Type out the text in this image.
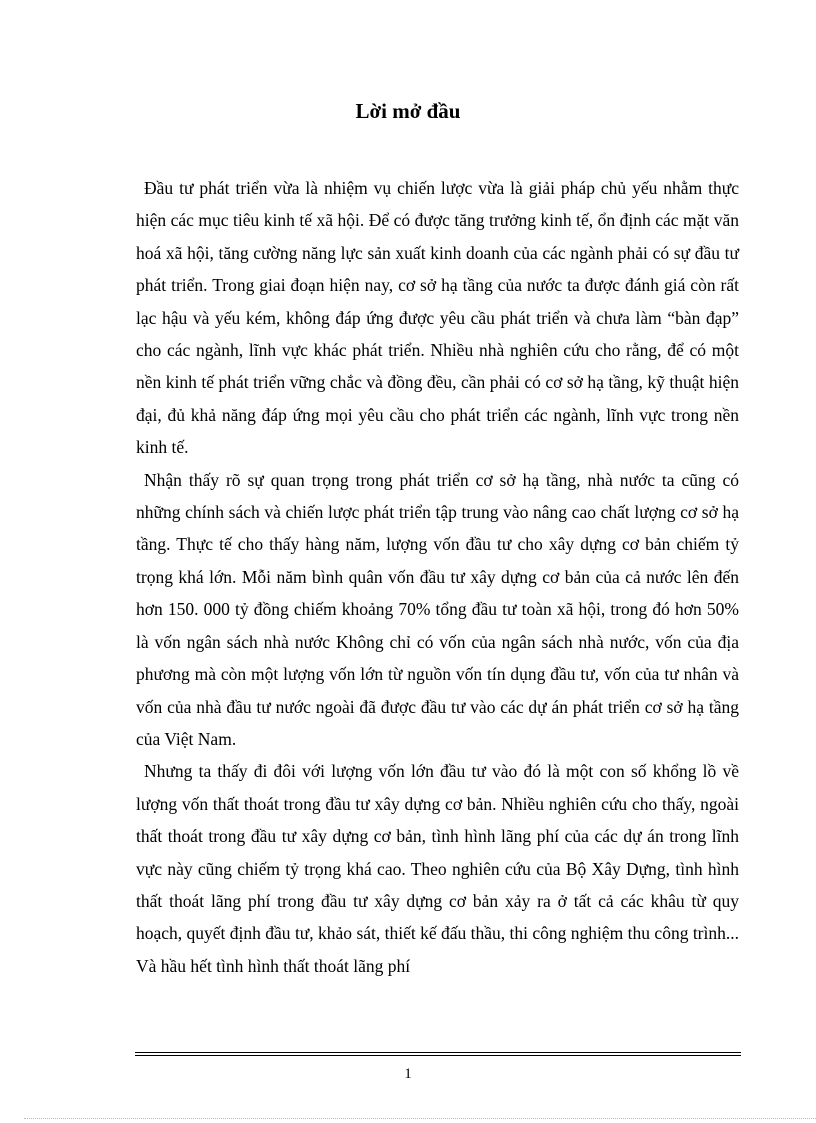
Lời mở đầu

Đầu tư phát triển vừa là nhiệm vụ chiến lược vừa là giải pháp chủ yếu nhằm thực hiện các mục tiêu kinh tế xã hội. Để có được tăng trưởng kinh tế, ổn định các mặt văn hoá xã hội, tăng cường năng lực sản xuất kinh doanh của các ngành phải có sự đầu tư phát triển. Trong giai đoạn hiện nay, cơ sở hạ tầng của nước ta được đánh giá còn rất lạc hậu và yếu kém, không đáp ứng được yêu cầu phát triển và chưa làm “bàn đạp” cho các ngành, lĩnh vực khác phát triển. Nhiều nhà nghiên cứu cho rằng, để có một nền kinh tế phát triển vững chắc và đồng đều, cần phải có cơ sở hạ tầng, kỹ thuật hiện đại, đủ khả năng đáp ứng mọi yêu cầu cho phát triển các ngành, lĩnh vực trong nền kinh tế.

Nhận thấy rõ sự quan trọng trong phát triển cơ sở hạ tầng, nhà nước ta cũng có những chính sách và chiến lược phát triển tập trung vào nâng cao chất lượng cơ sở hạ tầng. Thực tế cho thấy hàng năm, lượng vốn đầu tư cho xây dựng cơ bản chiếm tỷ trọng khá lớn. Mỗi năm bình quân vốn đầu tư xây dựng cơ bản của cả nước lên đến hơn 150. 000 tỷ đồng chiếm khoảng 70% tổng đầu tư toàn xã hội, trong đó hơn 50% là vốn ngân sách nhà nước Không chỉ có vốn của ngân sách nhà nước, vốn của địa phương mà còn một lượng vốn lớn từ nguồn vốn tín dụng đầu tư, vốn của tư nhân và vốn của nhà đầu tư nước ngoài đã được đầu tư vào các dự án phát triển cơ sở hạ tầng của Việt Nam.

Nhưng ta thấy đi đôi với lượng vốn lớn đầu tư vào đó là một con số khổng lồ về lượng vốn thất thoát trong đầu tư xây dựng cơ bản. Nhiều nghiên cứu cho thấy, ngoài thất thoát trong đầu tư xây dựng cơ bản, tình hình lãng phí của các dự án trong lĩnh vực này cũng chiếm tỷ trọng khá cao. Theo nghiên cứu của Bộ Xây Dựng, tình hình thất thoát lãng phí trong đầu tư xây dựng cơ bản xảy ra ở tất cả các khâu từ quy hoạch, quyết định đầu tư, khảo sát, thiết kế đấu thầu, thi công nghiệm thu công trình... Và hầu hết tình hình thất thoát lãng phí

1
